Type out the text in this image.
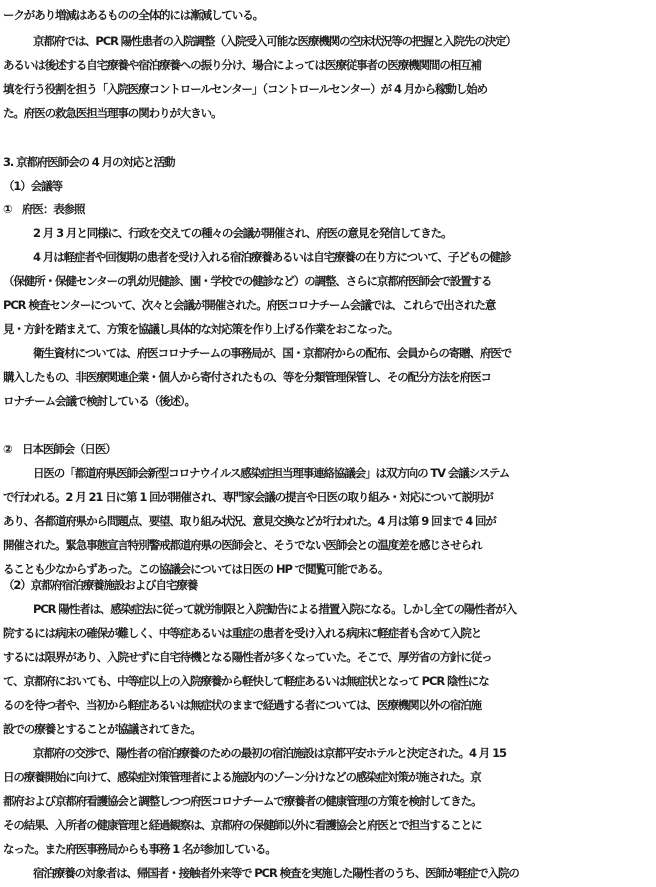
ークがあり増減はあるものの全体的には漸減している。
京都府では、PCR 陽性患者の入院調整（入院受入可能な医療機関の空床状況等の把握と入院先の決定）
あるいは後述する自宅療養や宿泊療養への振り分け、場合によっては医療従事者の医療機関間の相互補
填を行う役割を担う「入院医療コントロールセンター」（コントロールセンター）が 4 月から稼動し始め
た。府医の救急医担当理事の関わりが大きい。
3. 京都府医師会の 4 月の対応と活動
（1）会議等
①　府医：表参照
2 月 3 月と同様に、行政を交えての種々の会議が開催され、府医の意見を発信してきた。
4 月は軽症者や回復期の患者を受け入れる宿泊療養あるいは自宅療養の在り方について、子どもの健診
（保健所・保健センターの乳幼児健診、園・学校での健診など）の調整、さらに京都府医師会で設置する
PCR 検査センターについて、次々と会議が開催された。府医コロナチーム会議では、これらで出された意
見・方針を踏まえて、方策を協議し具体的な対応策を作り上げる作業をおこなった。
衛生資材については、府医コロナチームの事務局が、国・京都府からの配布、会員からの寄贈、府医で
購入したもの、非医療関連企業・個人から寄付されたもの、等を分類管理保管し、その配分方法を府医コ
ロナチーム会議で検討している（後述）。
②　日本医師会（日医）
日医の「都道府県医師会新型コロナウイルス感染症担当理事連絡協議会」は双方向の TV 会議システム
で行われる。2 月 21 日に第 1 回が開催され、専門家会議の提言や日医の取り組み・対応について説明が
あり、各都道府県から問題点、要望、取り組み状況、意見交換などが行われた。4 月は第 9 回まで 4 回が
開催された。緊急事態宣言特別警戒都道府県の医師会と、そうでない医師会との温度差を感じさせられ
ることも少なからずあった。この協議会については日医の HP で閲覧可能である。
（2）京都府宿泊療養施設および自宅療養
PCR 陽性者は、感染症法に従って就労制限と入院勧告による措置入院になる。しかし全ての陽性者が入
院するには病床の確保が難しく、中等症あるいは重症の患者を受け入れる病床に軽症者も含めて入院と
するには限界があり、入院せずに自宅待機となる陽性者が多くなっていた。そこで、厚労省の方針に従っ
て、京都府においても、中等症以上の入院療養から軽快して軽症あるいは無症状となって PCR 陰性にな
るのを待つ者や、当初から軽症あるいは無症状のままで経過する者については、医療機関以外の宿泊施
設での療養とすることが協議されてきた。
京都府の交渉で、陽性者の宿泊療養のための最初の宿泊施設は京都平安ホテルと決定された。4 月 15
日の療養開始に向けて、感染症対策管理者による施設内のゾーン分けなどの感染症対策が施された。京
都府および京都府看護協会と調整しつつ府医コロナチームで療養者の健康管理の方策を検討してきた。
その結果、入所者の健康管理と経過観察は、京都府の保健師以外に看護協会と府医とで担当することに
なった。また府医事務局からも事務 1 名が参加している。
宿泊療養の対象者は、帰国者・接触者外来等で PCR 検査を実施した陽性者のうち、医師が軽症で入院の
